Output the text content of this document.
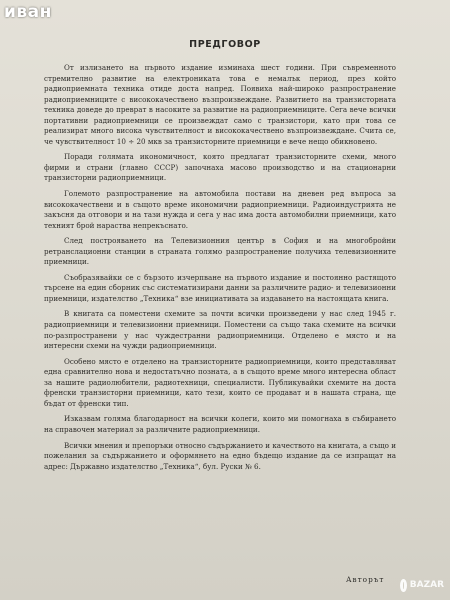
ПРЕДГОВОР

От излизането на първото издание изминаха шест години. При съвременното стремително развитие на електрониката това е немалък период, през който радиоприемната техника отиде доста напред. Появиха най-широко разпространение радиоприемниците с висококачествено възпроизвеждане. Развитието на транзисторната техника доведе до преврат в насоките за развитие на радиоприемниците. Сега вече всички портативни радиоприемници се произвеждат само с транзистори, като при това се реализират много висока чувствителност и висококачествено възпроизвеждане. Счита се, че чувствителност 10 ÷ 20 мкв за транзисторните приемници е вече нещо обикновено.

Поради голямата икономичност, която предлагат транзисторните схеми, много фирми и страни (главно СССР) започнаха масово производство и на стационарни транзисторни радиоприемници.

Големото разпространение на автомобила постави на дневен ред въпроса за висококачествени и в същото време икономични радиоприемници. Радиоиндустрията не закъсня да отговори и на тази нужда и сега у нас има доста автомобилни приемници, като техният брой нараства непрекъснато.

След построяването на Телевизионния център в София и на многобройни ретранслационни станции в страната голямо разпространение получиха телевизионните приемници.

Съобразявайки се с бързото изчерпване на първото издание и постоянно растящото търсене на един сборник със систематизирани данни за различните радио- и телевизионни приемници, издателство „Техника“ взе инициативата за издаването на настоящата книга.

В книгата са поместени схемите за почти всички произведени у нас след 1945 г. радиоприемници и телевизионни приемници. Поместени са също така схемите на всички по-разпространени у нас чуждестранни радиоприемници. Отделено е място и на интересни схеми на чужди радиоприемници.

Особено място е отделено на транзисторните радиоприемници, които представляват една сравнително нова и недостатъчно позната, а в същото време много интересна област за нашите радиолюбители, радиотехници, специалисти. Публикувайки схемите на доста френски транзисторни приемници, като тези, които се продават и в нашата страна, ще бъдат от френски тип.

Изказвам голяма благодарност на всички колеги, които ми помогнаха в събирането на справочен материал за различните радиоприемници.

Всички мнения и препоръки относно съдържанието и качеството на книгата, а също и пожелания за съдържанието и оформянето на едно бъдещо издание да се изпращат на адрес: Държавно издателство „Техника“, бул. Руски № 6.

Авторът
иван
BAZAR
